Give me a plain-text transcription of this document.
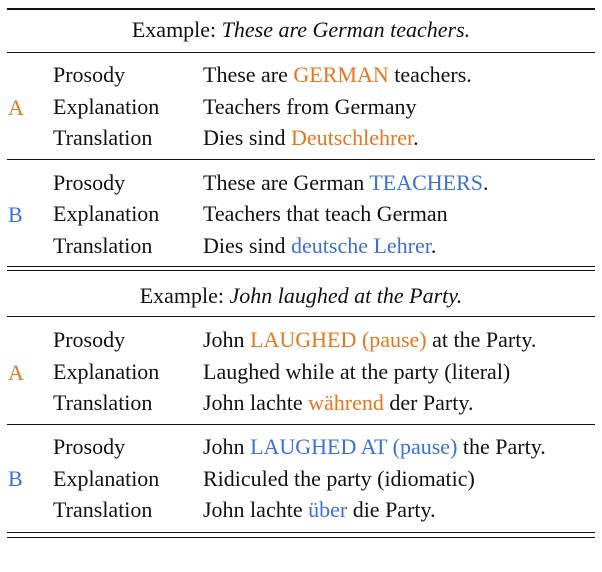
Example: These are German teachers.
A
Prosody
Explanation
Translation
These are GERMAN teachers.
Teachers from Germany
Dies sind Deutschlehrer.
B
Prosody
Explanation
Translation
These are German TEACHERS.
Teachers that teach German
Dies sind deutsche Lehrer.
Example: John laughed at the Party.
A
Prosody
Explanation
Translation
John LAUGHED (pause) at the Party.
Laughed while at the party (literal)
John lachte während der Party.
B
Prosody
Explanation
Translation
John LAUGHED AT (pause) the Party.
Ridiculed the party (idiomatic)
John lachte über die Party.
